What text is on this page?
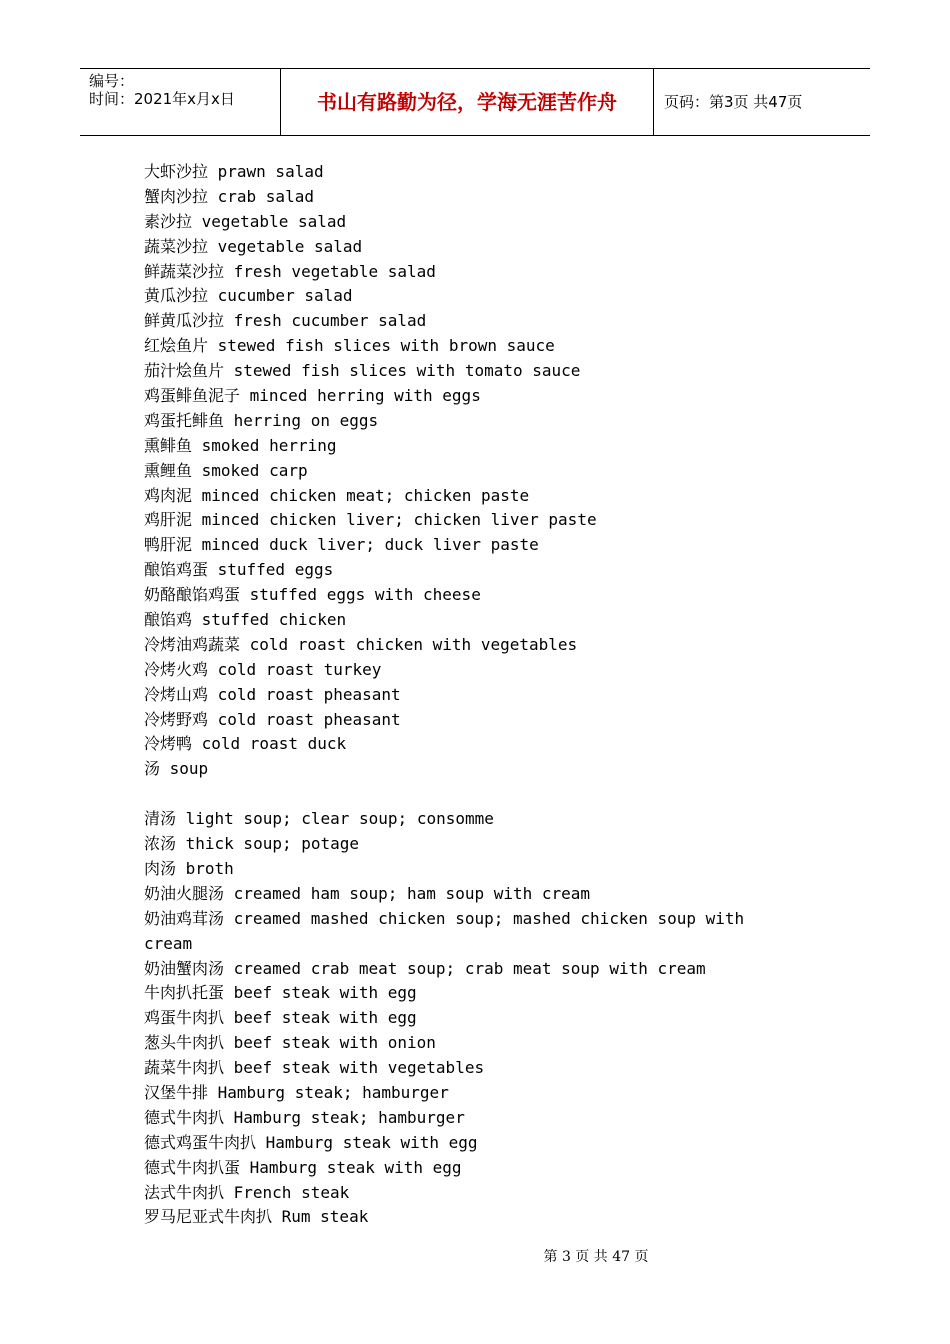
编号：
时间：2021年x月x日	书山有路勤为径，学海无涯苦作舟	页码：第3页 共47页
大虾沙拉 prawn salad
蟹肉沙拉 crab salad
素沙拉 vegetable salad
蔬菜沙拉 vegetable salad
鲜蔬菜沙拉 fresh vegetable salad
黄瓜沙拉 cucumber salad
鲜黄瓜沙拉 fresh cucumber salad
红烩鱼片 stewed fish slices with brown sauce
茄汁烩鱼片 stewed fish slices with tomato sauce
鸡蛋鲱鱼泥子 minced herring with eggs
鸡蛋托鲱鱼 herring on eggs
熏鲱鱼 smoked herring
熏鲤鱼 smoked carp
鸡肉泥 minced chicken meat; chicken paste
鸡肝泥 minced chicken liver; chicken liver paste
鸭肝泥 minced duck liver; duck liver paste
酿馅鸡蛋 stuffed eggs
奶酪酿馅鸡蛋 stuffed eggs with cheese
酿馅鸡 stuffed chicken
冷烤油鸡蔬菜 cold roast chicken with vegetables
冷烤火鸡 cold roast turkey
冷烤山鸡 cold roast pheasant
冷烤野鸡 cold roast pheasant
冷烤鸭 cold roast duck
汤 soup
清汤 light soup; clear soup; consomme
浓汤 thick soup; potage
肉汤 broth
奶油火腿汤 creamed ham soup; ham soup with cream
奶油鸡茸汤 creamed mashed chicken soup; mashed chicken soup with
cream
奶油蟹肉汤 creamed crab meat soup; crab meat soup with cream
牛肉扒托蛋 beef steak with egg
鸡蛋牛肉扒 beef steak with egg
葱头牛肉扒 beef steak with onion
蔬菜牛肉扒 beef steak with vegetables
汉堡牛排 Hamburg steak; hamburger
德式牛肉扒 Hamburg steak; hamburger
德式鸡蛋牛肉扒 Hamburg steak with egg
德式牛肉扒蛋 Hamburg steak with egg
法式牛肉扒 French steak
罗马尼亚式牛肉扒 Rum steak
第 3 页 共 47 页
